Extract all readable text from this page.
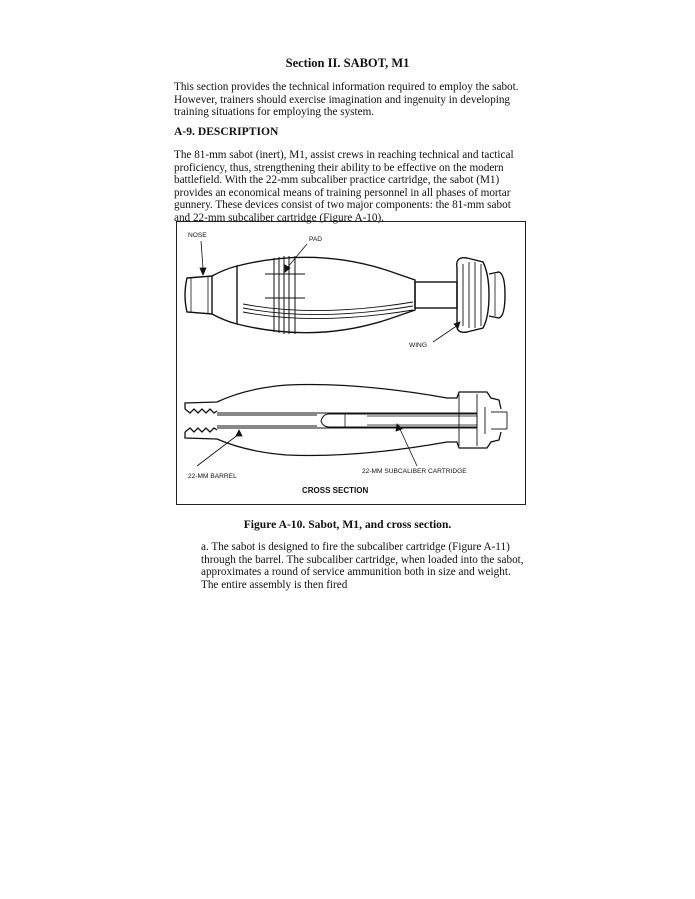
Section II. SABOT, M1

This section provides the technical information required to employ the sabot. However, trainers should exercise imagination and ingenuity in developing training situations for employing the system.

A-9. DESCRIPTION

The 81-mm sabot (inert), M1, assist crews in reaching technical and tactical proficiency, thus, strengthening their ability to be effective on the modern battlefield. With the 22-mm subcaliber practice cartridge, the sabot (M1) provides an economical means of training personnel in all phases of mortar gunnery. These devices consist of two major components: the 81-mm sabot and 22-mm subcaliber cartridge (Figure A-10).

NOSE
PAD
WING
22-MM BARREL
22-MM SUBCALIBER CARTRIDGE
CROSS SECTION

Figure A-10. Sabot, M1, and cross section.

a. The sabot is designed to fire the subcaliber cartridge (Figure A-11) through the barrel. The subcaliber cartridge, when loaded into the sabot, approximates a round of service ammunition both in size and weight. The entire assembly is then fired
